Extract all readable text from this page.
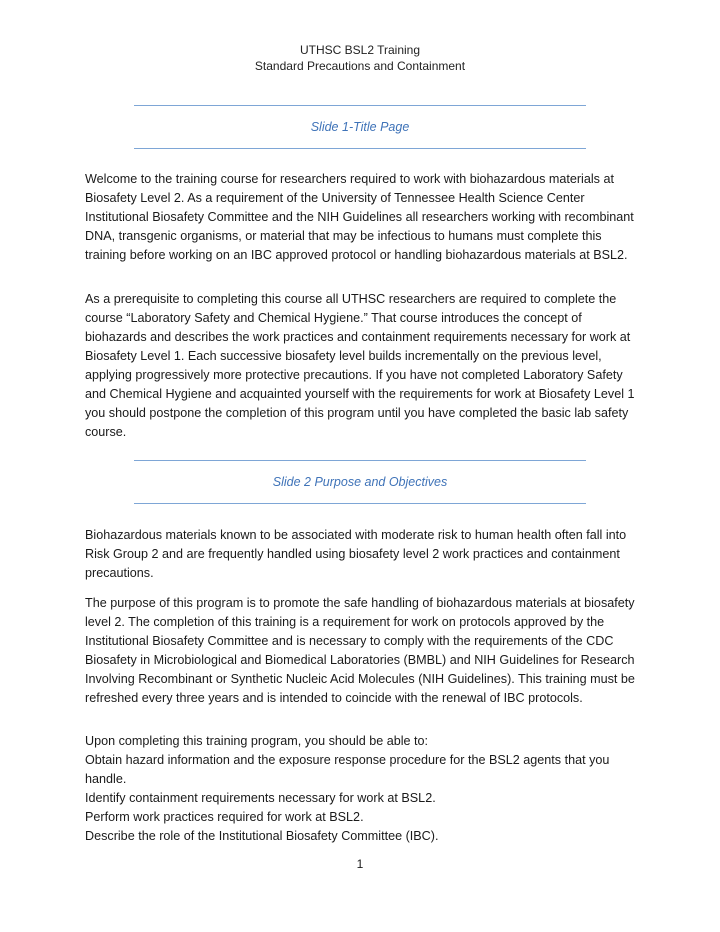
UTHSC BSL2 Training
Standard Precautions and Containment
Slide 1-Title Page
Welcome to the training course for researchers required to work with biohazardous materials at Biosafety Level 2. As a requirement of the University of Tennessee Health Science Center Institutional Biosafety Committee and the NIH Guidelines all researchers working with recombinant DNA, transgenic organisms, or material that may be infectious to humans must complete this training before working on an IBC approved protocol or handling biohazardous materials at BSL2.
As a prerequisite to completing this course all UTHSC researchers are required to complete the course “Laboratory Safety and Chemical Hygiene.” That course introduces the concept of biohazards and describes the work practices and containment requirements necessary for work at Biosafety Level 1. Each successive biosafety level builds incrementally on the previous level, applying progressively more protective precautions. If you have not completed Laboratory Safety and Chemical Hygiene and acquainted yourself with the requirements for work at Biosafety Level 1 you should postpone the completion of this program until you have completed the basic lab safety course.
Slide 2 Purpose and Objectives
Biohazardous materials known to be associated with moderate risk to human health often fall into Risk Group 2 and are frequently handled using biosafety level 2 work practices and containment precautions.
The purpose of this program is to promote the safe handling of biohazardous materials at biosafety level 2. The completion of this training is a requirement for work on protocols approved by the Institutional Biosafety Committee and is necessary to comply with the requirements of the CDC Biosafety in Microbiological and Biomedical Laboratories (BMBL) and NIH Guidelines for Research Involving Recombinant or Synthetic Nucleic Acid Molecules (NIH Guidelines). This training must be refreshed every three years and is intended to coincide with the renewal of IBC protocols.
Upon completing this training program, you should be able to:
Obtain hazard information and the exposure response procedure for the BSL2 agents that you handle.
Identify containment requirements necessary for work at BSL2.
Perform work practices required for work at BSL2.
Describe the role of the Institutional Biosafety Committee (IBC).
1
